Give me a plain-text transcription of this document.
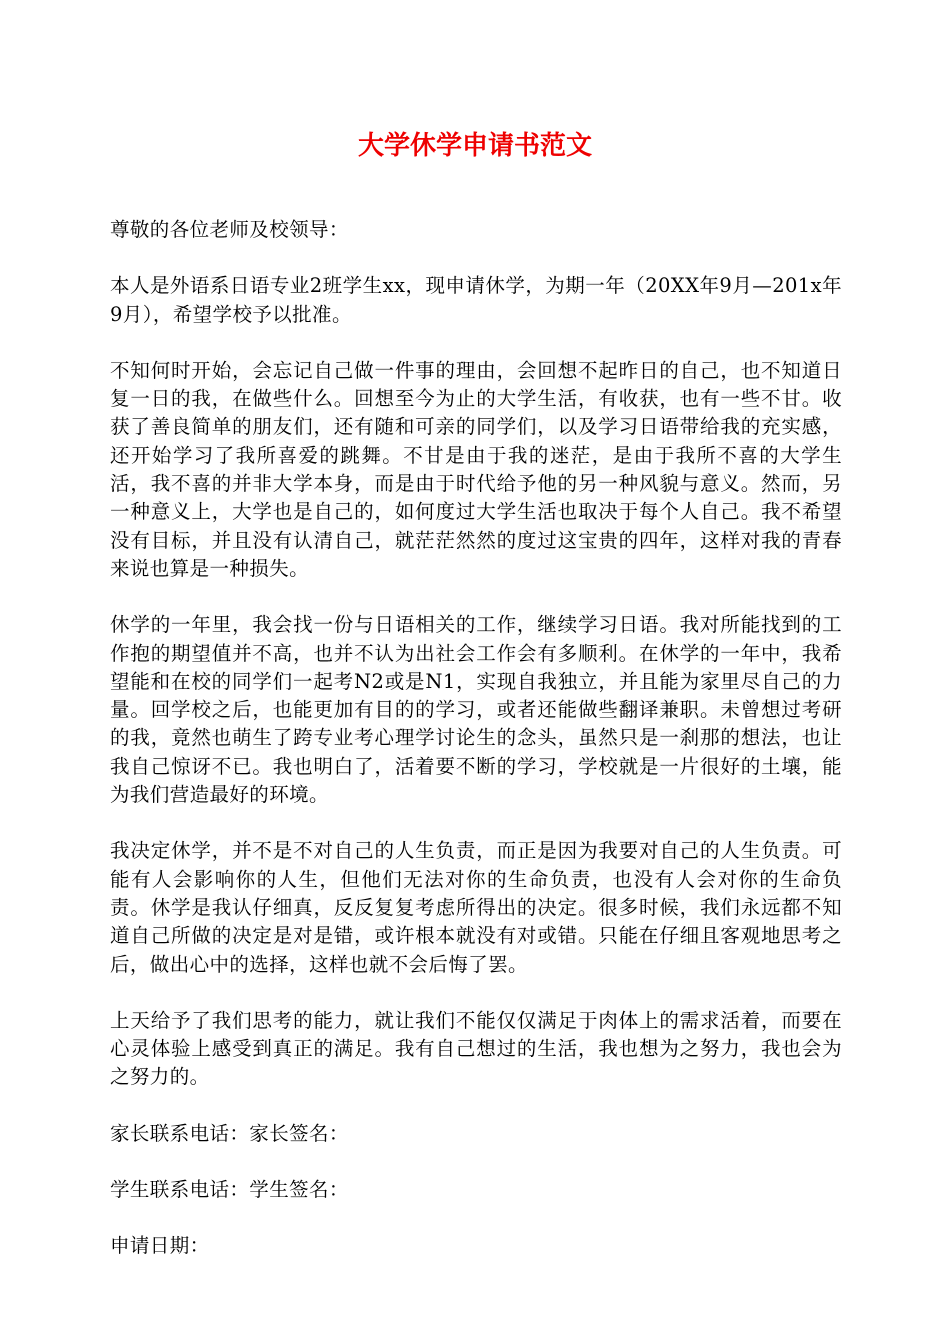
大学休学申请书范文

尊敬的各位老师及校领导：

本人是外语系日语专业2班学生xx，现申请休学，为期一年（20XX年9月—201x年9月），希望学校予以批准。

不知何时开始，会忘记自己做一件事的理由，会回想不起昨日的自己，也不知道日复一日的我，在做些什么。回想至今为止的大学生活，有收获，也有一些不甘。收获了善良简单的朋友们，还有随和可亲的同学们，以及学习日语带给我的充实感，还开始学习了我所喜爱的跳舞。不甘是由于我的迷茫，是由于我所不喜的大学生活，我不喜的并非大学本身，而是由于时代给予他的另一种风貌与意义。然而，另一种意义上，大学也是自己的，如何度过大学生活也取决于每个人自己。我不希望没有目标，并且没有认清自己，就茫茫然然的度过这宝贵的四年，这样对我的青春来说也算是一种损失。

休学的一年里，我会找一份与日语相关的工作，继续学习日语。我对所能找到的工作抱的期望值并不高，也并不认为出社会工作会有多顺利。在休学的一年中，我希望能和在校的同学们一起考N2或是N1，实现自我独立，并且能为家里尽自己的力量。回学校之后，也能更加有目的的学习，或者还能做些翻译兼职。未曾想过考研的我，竟然也萌生了跨专业考心理学讨论生的念头，虽然只是一刹那的想法，也让我自己惊讶不已。我也明白了，活着要不断的学习，学校就是一片很好的土壤，能为我们营造最好的环境。

我决定休学，并不是不对自己的人生负责，而正是因为我要对自己的人生负责。可能有人会影响你的人生，但他们无法对你的生命负责，也没有人会对你的生命负责。休学是我认仔细真，反反复复考虑所得出的决定。很多时候，我们永远都不知道自己所做的决定是对是错，或许根本就没有对或错。只能在仔细且客观地思考之后，做出心中的选择，这样也就不会后悔了罢。

上天给予了我们思考的能力，就让我们不能仅仅满足于肉体上的需求活着，而要在心灵体验上感受到真正的满足。我有自己想过的生活，我也想为之努力，我也会为之努力的。

家长联系电话：家长签名：

学生联系电话：学生签名：

申请日期：
